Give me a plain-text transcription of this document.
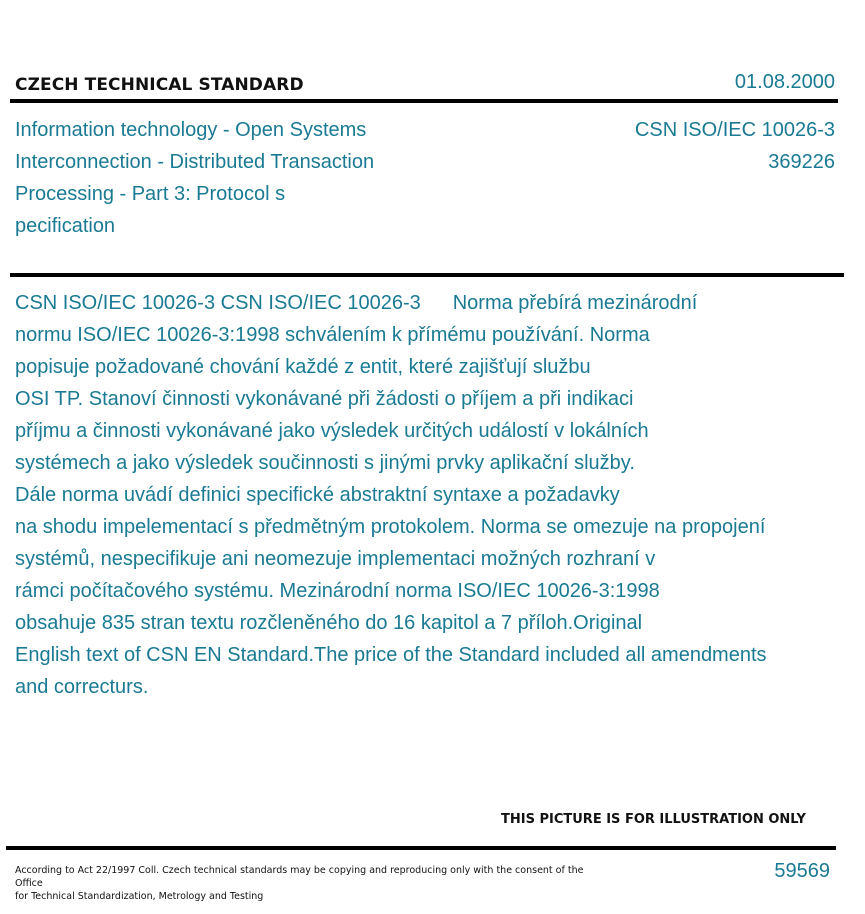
CZECH TECHNICAL STANDARD	01.08.2000
Information technology - Open Systems
Interconnection - Distributed Transaction
Processing - Part 3: Protocol s
pecification
CSN ISO/IEC 10026-3
369226
CSN ISO/IEC 10026-3 CSN ISO/IEC 10026-3 Norma přebírá mezinárodní
normu ISO/IEC 10026-3:1998 schválením k přímému používání. Norma
popisuje požadované chování každé z entit, které zajišťují službu
OSI TP. Stanoví činnosti vykonávané při žádosti o příjem a při indikaci
příjmu a činnosti vykonávané jako výsledek určitých událostí v lokálních
systémech a jako výsledek součinnosti s jinými prvky aplikační služby.
Dále norma uvádí definici specifické abstraktní syntaxe a požadavky
na shodu impelementací s předmětným protokolem. Norma se omezuje na propojení
systémů, nespecifikuje ani neomezuje implementaci možných rozhraní v
rámci počítačového systému. Mezinárodní norma ISO/IEC 10026-3:1998
obsahuje 835 stran textu rozčleněného do 16 kapitol a 7 příloh.Original
English text of CSN EN Standard.The price of the Standard included all amendments
and correcturs.
THIS PICTURE IS FOR ILLUSTRATION ONLY
According to Act 22/1997 Coll. Czech technical standards may be copying and reproducing only with the consent of the Office
for Technical Standardization, Metrology and Testing
59569
